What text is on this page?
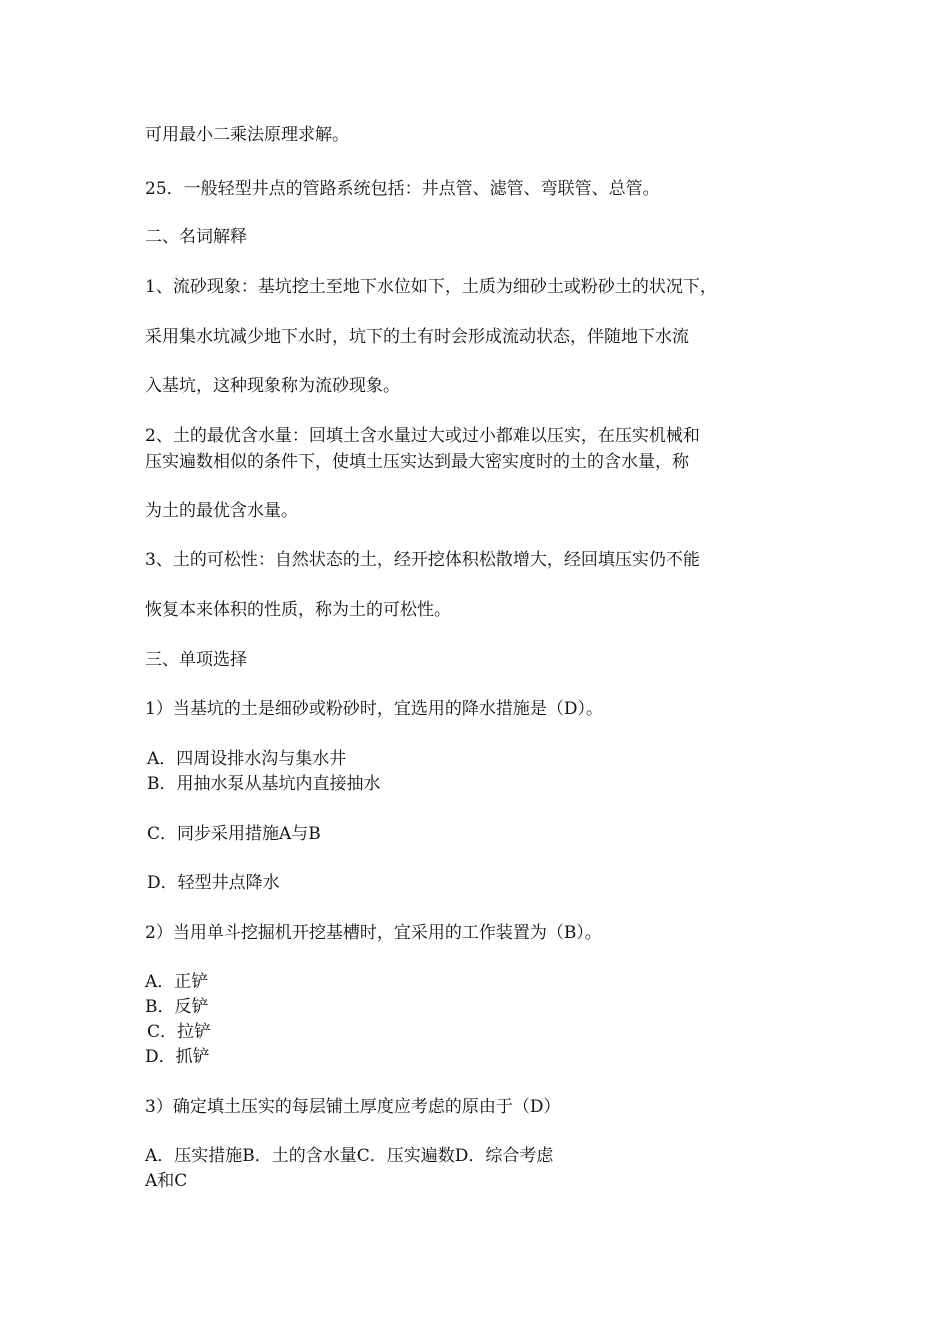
可用最小二乘法原理求解。
25．一般轻型井点的管路系统包括：井点管、滤管、弯联管、总管。
二、名词解释
1、流砂现象：基坑挖土至地下水位如下，土质为细砂土或粉砂土的状况下，
采用集水坑减少地下水时，坑下的土有时会形成流动状态，伴随地下水流
入基坑，这种现象称为流砂现象。
2、土的最优含水量：回填土含水量过大或过小都难以压实，在压实机械和
压实遍数相似的条件下，使填土压实达到最大密实度时的土的含水量，称
为土的最优含水量。
3、土的可松性：自然状态的土，经开挖体积松散增大，经回填压实仍不能
恢复本来体积的性质，称为土的可松性。
三、单项选择
1）当基坑的土是细砂或粉砂时，宜选用的降水措施是（D）。
A．四周设排水沟与集水井
B．用抽水泵从基坑内直接抽水
C．同步采用措施A与B
D．轻型井点降水
2）当用单斗挖掘机开挖基槽时，宜采用的工作装置为（B）。
A．正铲
B．反铲
C．拉铲
D．抓铲
3）确定填土压实的每层铺土厚度应考虑的原由于（D）
A．压实措施B．土的含水量C．压实遍数D．综合考虑
A和C
